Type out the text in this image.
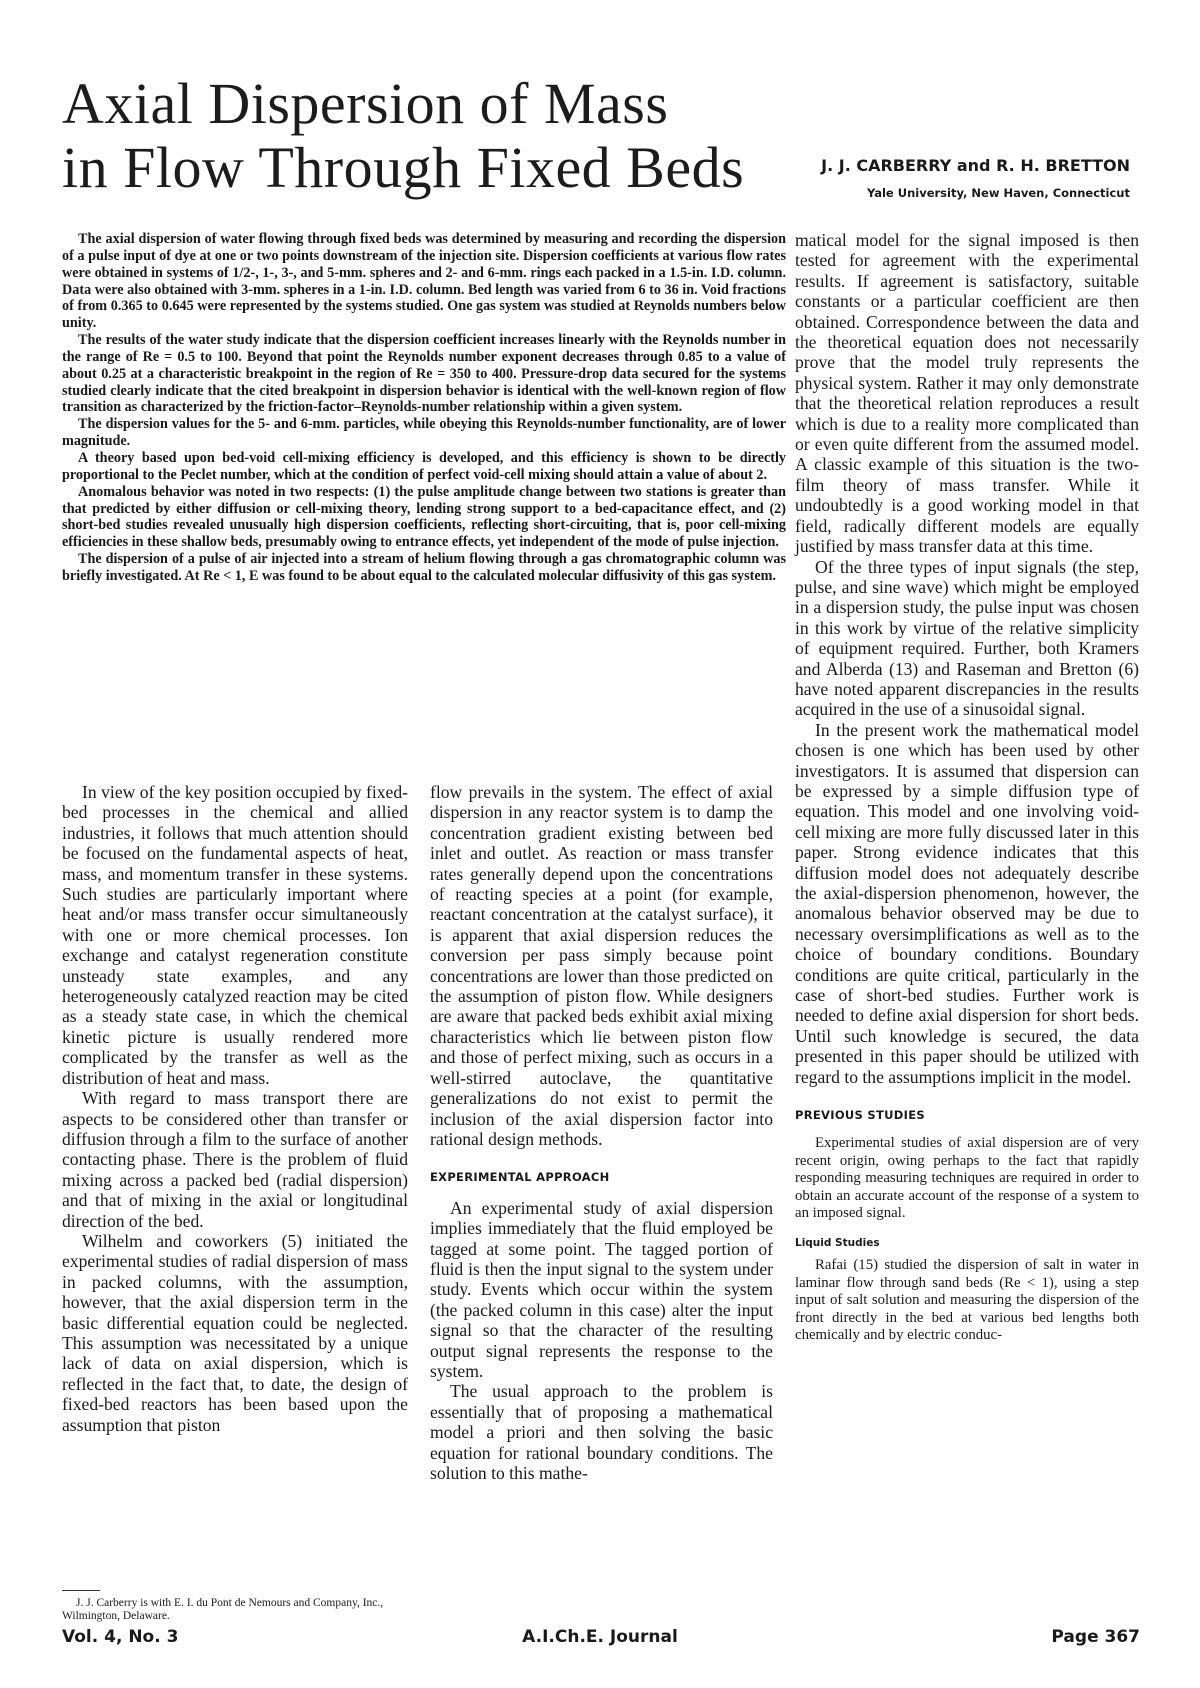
Axial Dispersion of Mass
in Flow Through Fixed Beds	J. J. CARBERRY and R. H. BRETTON
Yale University, New Haven, Connecticut

The axial dispersion of water flowing through fixed beds was determined by measuring and recording the dispersion of a pulse input of dye at one or two points downstream of the injection site. Dispersion coefficients at various flow rates were obtained in systems of 1/2-, 1-, 3-, and 5-mm. spheres and 2- and 6-mm. rings each packed in a 1.5-in. I.D. column. Data were also obtained with 3-mm. spheres in a 1-in. I.D. column. Bed length was varied from 6 to 36 in. Void fractions of from 0.365 to 0.645 were represented by the systems studied. One gas system was studied at Reynolds numbers below unity.

The results of the water study indicate that the dispersion coefficient increases linearly with the Reynolds number in the range of Re = 0.5 to 100. Beyond that point the Reynolds number exponent decreases through 0.85 to a value of about 0.25 at a characteristic breakpoint in the region of Re = 350 to 400. Pressure-drop data secured for the systems studied clearly indicate that the cited breakpoint in dispersion behavior is identical with the well-known region of flow transition as characterized by the friction-factor–Reynolds-number relationship within a given system.

The dispersion values for the 5- and 6-mm. particles, while obeying this Reynolds-number functionality, are of lower magnitude.

A theory based upon bed-void cell-mixing efficiency is developed, and this efficiency is shown to be directly proportional to the Peclet number, which at the condition of perfect void-cell mixing should attain a value of about 2.

Anomalous behavior was noted in two respects: (1) the pulse amplitude change between two stations is greater than that predicted by either diffusion or cell-mixing theory, lending strong support to a bed-capacitance effect, and (2) short-bed studies revealed unusually high dispersion coefficients, reflecting short-circuiting, that is, poor cell-mixing efficiencies in these shallow beds, presumably owing to entrance effects, yet independent of the mode of pulse injection.

The dispersion of a pulse of air injected into a stream of helium flowing through a gas chromatographic column was briefly investigated. At Re < 1, E was found to be about equal to the calculated molecular diffusivity of this gas system.

In view of the key position occupied by fixed-bed processes in the chemical and allied industries, it follows that much attention should be focused on the fundamental aspects of heat, mass, and momentum transfer in these systems. Such studies are particularly important where heat and/or mass transfer occur simultaneously with one or more chemical processes. Ion exchange and catalyst regeneration constitute unsteady state examples, and any heterogeneously catalyzed reaction may be cited as a steady state case, in which the chemical kinetic picture is usually rendered more complicated by the transfer as well as the distribution of heat and mass.

With regard to mass transport there are aspects to be considered other than transfer or diffusion through a film to the surface of another contacting phase. There is the problem of fluid mixing across a packed bed (radial dispersion) and that of mixing in the axial or longitudinal direction of the bed.

Wilhelm and coworkers (5) initiated the experimental studies of radial dispersion of mass in packed columns, with the assumption, however, that the axial dispersion term in the basic differential equation could be neglected. This assumption was necessitated by a unique lack of data on axial dispersion, which is reflected in the fact that, to date, the design of fixed-bed reactors has been based upon the assumption that piston

flow prevails in the system. The effect of axial dispersion in any reactor system is to damp the concentration gradient existing between bed inlet and outlet. As reaction or mass transfer rates generally depend upon the concentrations of reacting species at a point (for example, reactant concentration at the catalyst surface), it is apparent that axial dispersion reduces the conversion per pass simply because point concentrations are lower than those predicted on the assumption of piston flow. While designers are aware that packed beds exhibit axial mixing characteristics which lie between piston flow and those of perfect mixing, such as occurs in a well-stirred autoclave, the quantitative generalizations do not exist to permit the inclusion of the axial dispersion factor into rational design methods.

EXPERIMENTAL APPROACH

An experimental study of axial dispersion implies immediately that the fluid employed be tagged at some point. The tagged portion of fluid is then the input signal to the system under study. Events which occur within the system (the packed column in this case) alter the input signal so that the character of the resulting output signal represents the response to the system.

The usual approach to the problem is essentially that of proposing a mathematical model a priori and then solving the basic equation for rational boundary conditions. The solution to this mathe-

matical model for the signal imposed is then tested for agreement with the experimental results. If agreement is satisfactory, suitable constants or a particular coefficient are then obtained. Correspondence between the data and the theoretical equation does not necessarily prove that the model truly represents the physical system. Rather it may only demonstrate that the theoretical relation reproduces a result which is due to a reality more complicated than or even quite different from the assumed model. A classic example of this situation is the two-film theory of mass transfer. While it undoubtedly is a good working model in that field, radically different models are equally justified by mass transfer data at this time.

Of the three types of input signals (the step, pulse, and sine wave) which might be employed in a dispersion study, the pulse input was chosen in this work by virtue of the relative simplicity of equipment required. Further, both Kramers and Alberda (13) and Raseman and Bretton (6) have noted apparent discrepancies in the results acquired in the use of a sinusoidal signal.

In the present work the mathematical model chosen is one which has been used by other investigators. It is assumed that dispersion can be expressed by a simple diffusion type of equation. This model and one involving void-cell mixing are more fully discussed later in this paper. Strong evidence indicates that this diffusion model does not adequately describe the axial-dispersion phenomenon, however, the anomalous behavior observed may be due to necessary oversimplifications as well as to the choice of boundary conditions. Boundary conditions are quite critical, particularly in the case of short-bed studies. Further work is needed to define axial dispersion for short beds. Until such knowledge is secured, the data presented in this paper should be utilized with regard to the assumptions implicit in the model.

PREVIOUS STUDIES

Experimental studies of axial dispersion are of very recent origin, owing perhaps to the fact that rapidly responding measuring techniques are required in order to obtain an accurate account of the response of a system to an imposed signal.

Liquid Studies

Rafai (15) studied the dispersion of salt in water in laminar flow through sand beds (Re < 1), using a step input of salt solution and measuring the dispersion of the front directly in the bed at various bed lengths both chemically and by electric conduc-

J. J. Carberry is with E. I. du Pont de Nemours and Company, Inc., Wilmington, Delaware.

Vol. 4, No. 3	A.I.Ch.E. Journal	Page 367
